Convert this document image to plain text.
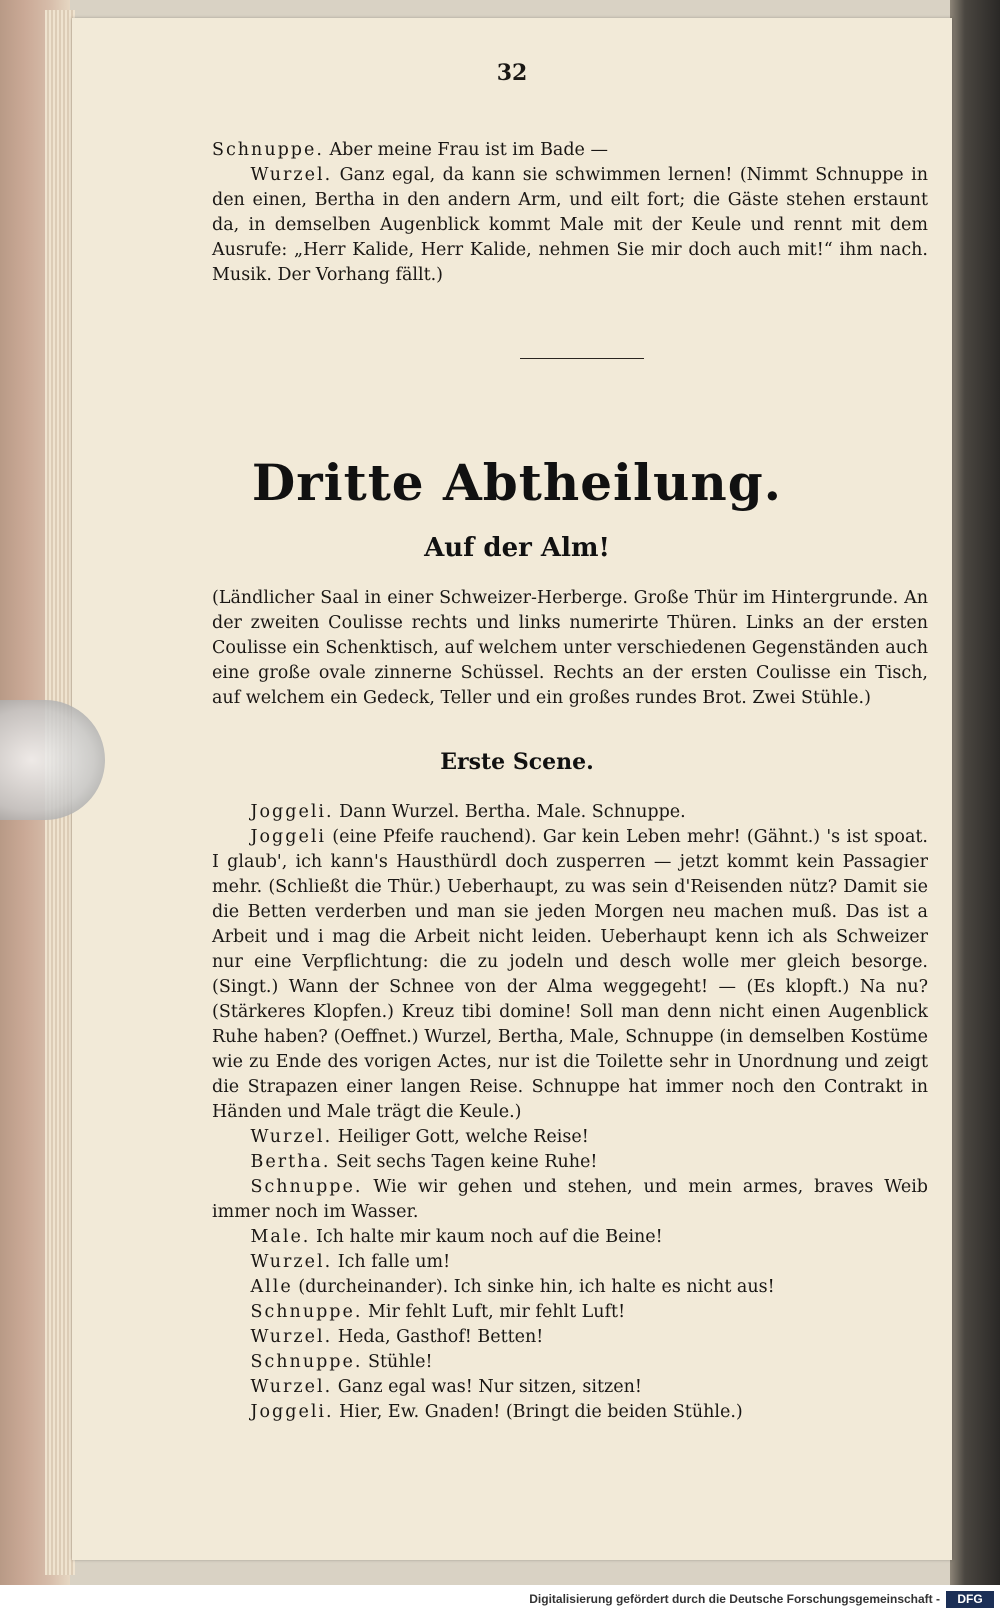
32
Schnuppe. Aber meine Frau ist im Bade —
Wurzel. Ganz egal, da kann sie schwimmen lernen! (Nimmt Schnuppe in den einen, Bertha in den andern Arm, und eilt fort; die Gäste stehen erstaunt da, in demselben Augenblick kommt Male mit der Keule und rennt mit dem Ausrufe: „Herr Kalide, Herr Kalide, nehmen Sie mir doch auch mit!“ ihm nach. Musik. Der Vorhang fällt.)
Dritte Abtheilung.
Auf der Alm!
(Ländlicher Saal in einer Schweizer-Herberge. Große Thür im Hintergrunde. An der zweiten Coulisse rechts und links numerirte Thüren. Links an der ersten Coulisse ein Schenktisch, auf welchem unter verschiedenen Gegenständen auch eine große ovale zinnerne Schüssel. Rechts an der ersten Coulisse ein Tisch, auf welchem ein Gedeck, Teller und ein großes rundes Brot. Zwei Stühle.)
Erste Scene.
Joggeli. Dann Wurzel. Bertha. Male. Schnuppe.
Joggeli (eine Pfeife rauchend). Gar kein Leben mehr! (Gähnt.) 's ist spoat. I glaub', ich kann's Hausthürdl doch zusperren — jetzt kommt kein Passagier mehr. (Schließt die Thür.) Ueberhaupt, zu was sein d'Reisenden nütz? Damit sie die Betten verderben und man sie jeden Morgen neu machen muß. Das ist a Arbeit und i mag die Arbeit nicht leiden. Ueberhaupt kenn ich als Schweizer nur eine Verpflichtung: die zu jodeln und desch wolle mer gleich besorge. (Singt.) Wann der Schnee von der Alma weggegeht! — (Es klopft.) Na nu? (Stärkeres Klopfen.) Kreuz tibi domine! Soll man denn nicht einen Augenblick Ruhe haben? (Oeffnet.) Wurzel, Bertha, Male, Schnuppe (in demselben Kostüme wie zu Ende des vorigen Actes, nur ist die Toilette sehr in Unordnung und zeigt die Strapazen einer langen Reise. Schnuppe hat immer noch den Contrakt in Händen und Male trägt die Keule.)
Wurzel. Heiliger Gott, welche Reise!
Bertha. Seit sechs Tagen keine Ruhe!
Schnuppe. Wie wir gehen und stehen, und mein armes, braves Weib immer noch im Wasser.
Male. Ich halte mir kaum noch auf die Beine!
Wurzel. Ich falle um!
Alle (durcheinander). Ich sinke hin, ich halte es nicht aus!
Schnuppe. Mir fehlt Luft, mir fehlt Luft!
Wurzel. Heda, Gasthof! Betten!
Schnuppe. Stühle!
Wurzel. Ganz egal was! Nur sitzen, sitzen!
Joggeli. Hier, Ew. Gnaden! (Bringt die beiden Stühle.)
Digitalisierung gefördert durch die Deutsche Forschungsgemeinschaft -	DFG
